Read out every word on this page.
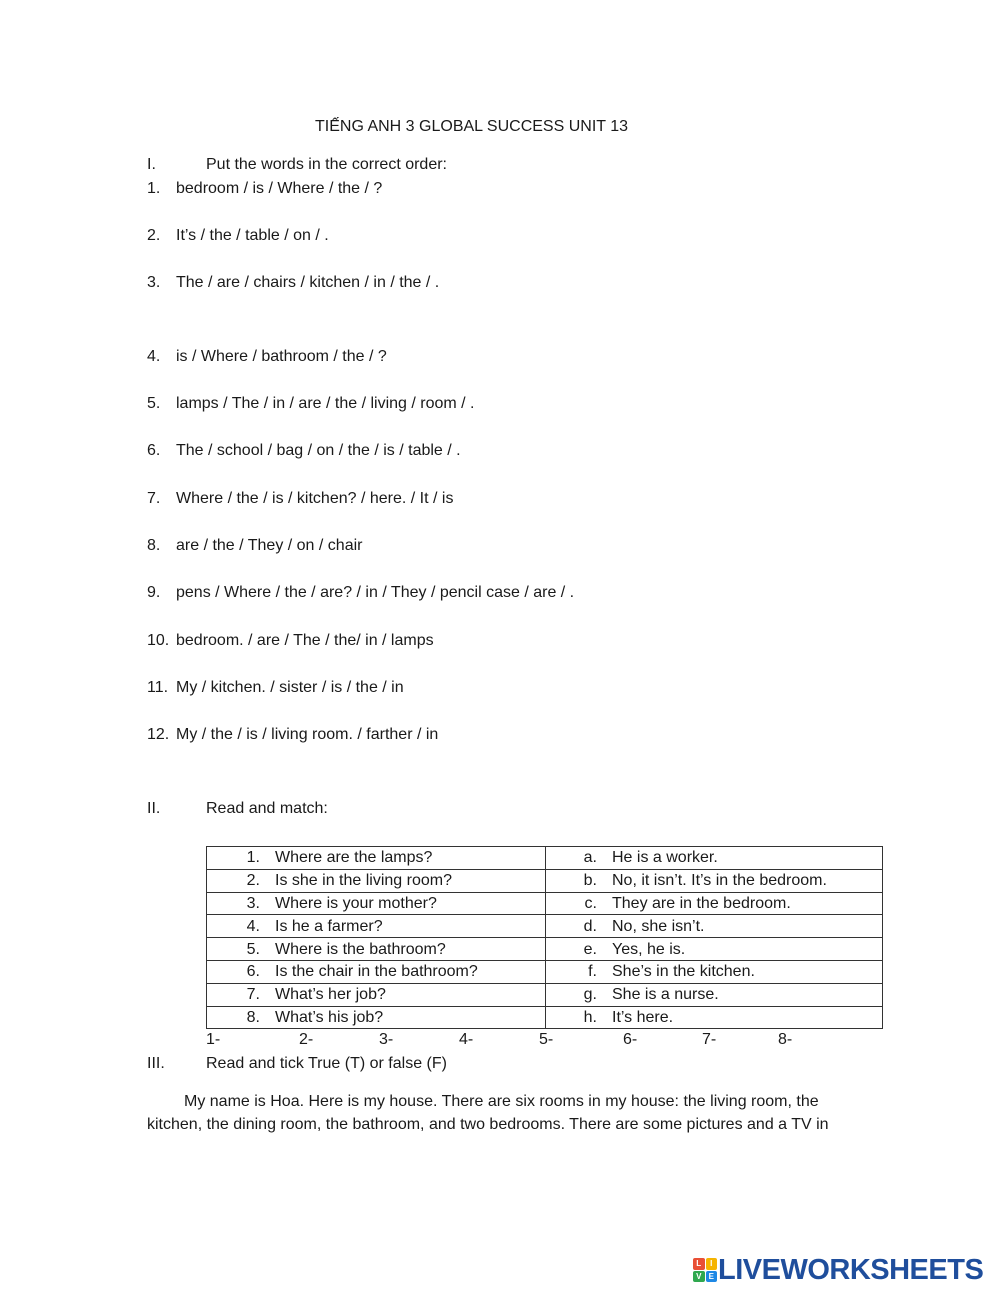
TIẾNG ANH 3 GLOBAL SUCCESS UNIT 13
I.	Put the words in the correct order:
1. bedroom / is / Where / the / ?
2. It’s / the / table / on / .
3. The / are / chairs / kitchen / in / the / .
4. is / Where / bathroom / the / ?
5. lamps / The / in / are / the / living / room / .
6. The / school / bag / on / the / is / table / .
7. Where / the / is / kitchen? / here. / It / is
8. are / the / They / on / chair
9. pens / Where / the / are? / in / They / pencil case / are / .
10. bedroom. / are / The / the/ in / lamps
11. My / kitchen. / sister / is / the / in
12. My / the / is / living room. / farther / in
II.	Read and match:
1. Where are the lamps?	a. He is a worker.
2. Is she in the living room?	b. No, it isn’t. It’s in the bedroom.
3. Where is your mother?	c. They are in the bedroom.
4. Is he a farmer?	d. No, she isn’t.
5. Where is the bathroom?	e. Yes, he is.
6. Is the chair in the bathroom?	f. She’s in the kitchen.
7. What’s her job?	g. She is a nurse.
8. What’s his job?	h. It’s here.
1-	2-	3-	4-	5-	6-	7-	8-
III.	Read and tick True (T) or false (F)
My name is Hoa. Here is my house. There are six rooms in my house: the living room, the kitchen, the dining room, the bathroom, and two bedrooms. There are some pictures and a TV in
L	I
V E LIVEWORKSHEETS
